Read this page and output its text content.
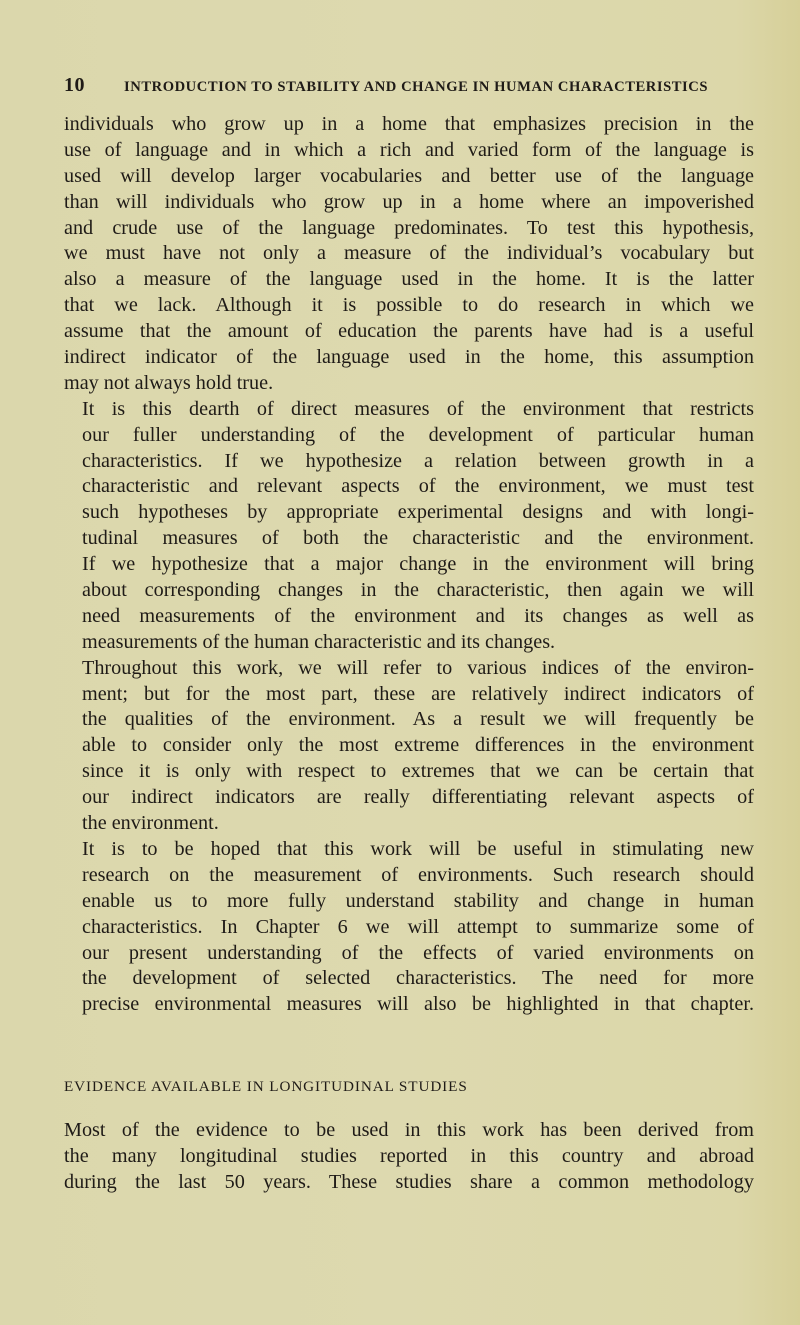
10	INTRODUCTION TO STABILITY AND CHANGE IN HUMAN CHARACTERISTICS

individuals who grow up in a home that emphasizes precision in the
use of language and in which a rich and varied form of the language is
used will develop larger vocabularies and better use of the language
than will individuals who grow up in a home where an impoverished
and crude use of the language predominates. To test this hypothesis,
we must have not only a measure of the individual’s vocabulary but
also a measure of the language used in the home. It is the latter
that we lack. Although it is possible to do research in which we
assume that the amount of education the parents have had is a useful
indirect indicator of the language used in the home, this assumption
may not always hold true.

It is this dearth of direct measures of the environment that restricts
our fuller understanding of the development of particular human
characteristics. If we hypothesize a relation between growth in a
characteristic and relevant aspects of the environment, we must test
such hypotheses by appropriate experimental designs and with longi-
tudinal measures of both the characteristic and the environment.
If we hypothesize that a major change in the environment will bring
about corresponding changes in the characteristic, then again we will
need measurements of the environment and its changes as well as
measurements of the human characteristic and its changes.

Throughout this work, we will refer to various indices of the environ-
ment; but for the most part, these are relatively indirect indicators of
the qualities of the environment. As a result we will frequently be
able to consider only the most extreme differences in the environment
since it is only with respect to extremes that we can be certain that
our indirect indicators are really differentiating relevant aspects of
the environment.

It is to be hoped that this work will be useful in stimulating new
research on the measurement of environments. Such research should
enable us to more fully understand stability and change in human
characteristics. In Chapter 6 we will attempt to summarize some of
our present understanding of the effects of varied environments on
the development of selected characteristics. The need for more
precise environmental measures will also be highlighted in that chapter.

EVIDENCE AVAILABLE IN LONGITUDINAL STUDIES

Most of the evidence to be used in this work has been derived from
the many longitudinal studies reported in this country and abroad
during the last 50 years. These studies share a common methodology
